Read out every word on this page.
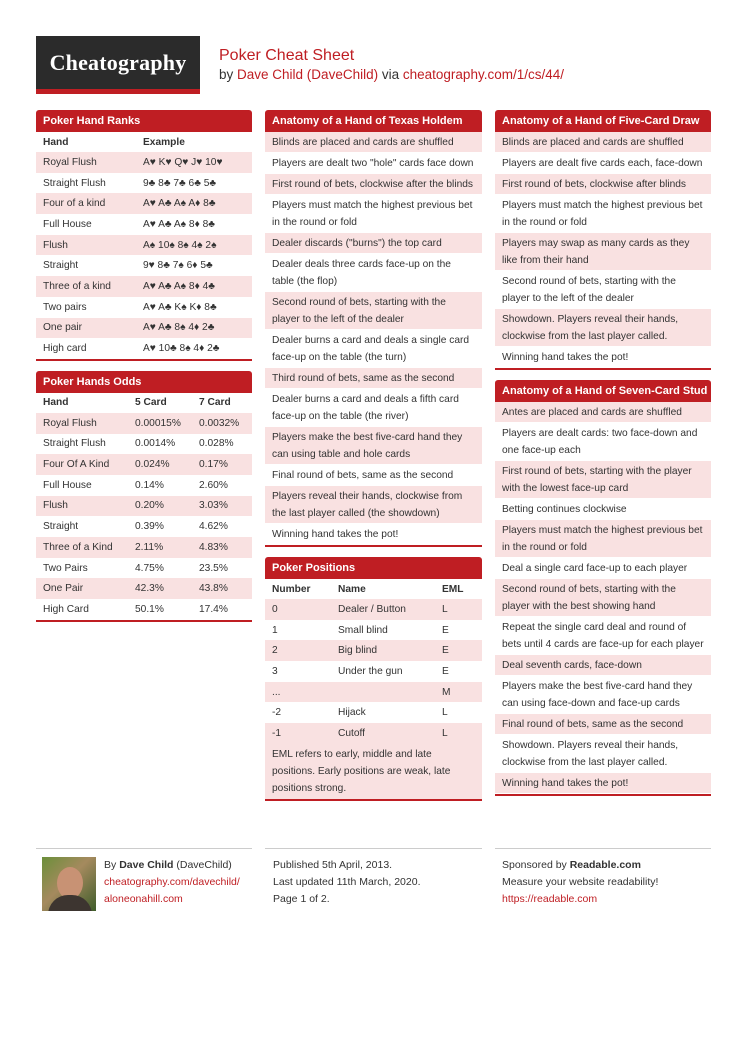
Cheatography	Poker Cheat Sheet
by Dave Child (DaveChild) via cheatography.com/1/cs/44/
Poker Hand Ranks
Hand	Example
Royal Flush	A♥ K♥ Q♥ J♥ 10♥
Straight Flush	9♣ 8♣ 7♣ 6♣ 5♣
Four of a kind	A♥ A♣ A♠ A♦ 8♣
Full House	A♥ A♣ A♠ 8♦ 8♣
Flush	A♠ 10♠ 8♠ 4♠ 2♠
Straight	9♥ 8♣ 7♠ 6♦ 5♣
Three of a kind	A♥ A♣ A♠ 8♦ 4♣
Two pairs	A♥ A♣ K♠ K♦ 8♣
One pair	A♥ A♣ 8♠ 4♦ 2♣
High card	A♥ 10♣ 8♠ 4♦ 2♣
Poker Hands Odds
Hand	5 Card	7 Card
Royal Flush	0.00015%	0.0032%
Straight Flush	0.0014%	0.028%
Four Of A Kind	0.024%	0.17%
Full House	0.14%	2.60%
Flush	0.20%	3.03%
Straight	0.39%	4.62%
Three of a Kind	2.11%	4.83%
Two Pairs	4.75%	23.5%
One Pair	42.3%	43.8%
High Card	50.1%	17.4%
Anatomy of a Hand of Texas Holdem
Blinds are placed and cards are shuffled
Players are dealt two "hole" cards face down
First round of bets, clockwise after the blinds
Players must match the highest previous bet in the round or fold
Dealer discards ("burns") the top card
Dealer deals three cards face-up on the table (the flop)
Second round of bets, starting with the player to the left of the dealer
Dealer burns a card and deals a single card face-up on the table (the turn)
Third round of bets, same as the second
Dealer burns a card and deals a fifth card face-up on the table (the river)
Players make the best five-card hand they can using table and hole cards
Final round of bets, same as the second
Players reveal their hands, clockwise from the last player called (the showdown)
Winning hand takes the pot!
Poker Positions
Number	Name	EML
0	Dealer / Button	L
1	Small blind	E
2	Big blind	E
3	Under the gun	E
...		M
-2	Hijack	L
-1	Cutoff	L
EML refers to early, middle and late positions. Early positions are weak, late positions strong.
Anatomy of a Hand of Five-Card Draw
Blinds are placed and cards are shuffled
Players are dealt five cards each, face-down
First round of bets, clockwise after blinds
Players must match the highest previous bet in the round or fold
Players may swap as many cards as they like from their hand
Second round of bets, starting with the player to the left of the dealer
Showdown. Players reveal their hands, clockwise from the last player called.
Winning hand takes the pot!
Anatomy of a Hand of Seven-Card Stud
Antes are placed and cards are shuffled
Players are dealt cards: two face-down and one face-up each
First round of bets, starting with the player with the lowest face-up card
Betting continues clockwise
Players must match the highest previous bet in the round or fold
Deal a single card face-up to each player
Second round of bets, starting with the player with the best showing hand
Repeat the single card deal and round of bets until 4 cards are face-up for each player
Deal seventh cards, face-down
Players make the best five-card hand they can using face-down and face-up cards
Final round of bets, same as the second
Showdown. Players reveal their hands, clockwise from the last player called.
Winning hand takes the pot!
By Dave Child (DaveChild)
cheatography.com/davechild/
aloneonahill.com
Published 5th April, 2013.
Last updated 11th March, 2020.
Page 1 of 2.
Sponsored by Readable.com
Measure your website readability!
https://readable.com
